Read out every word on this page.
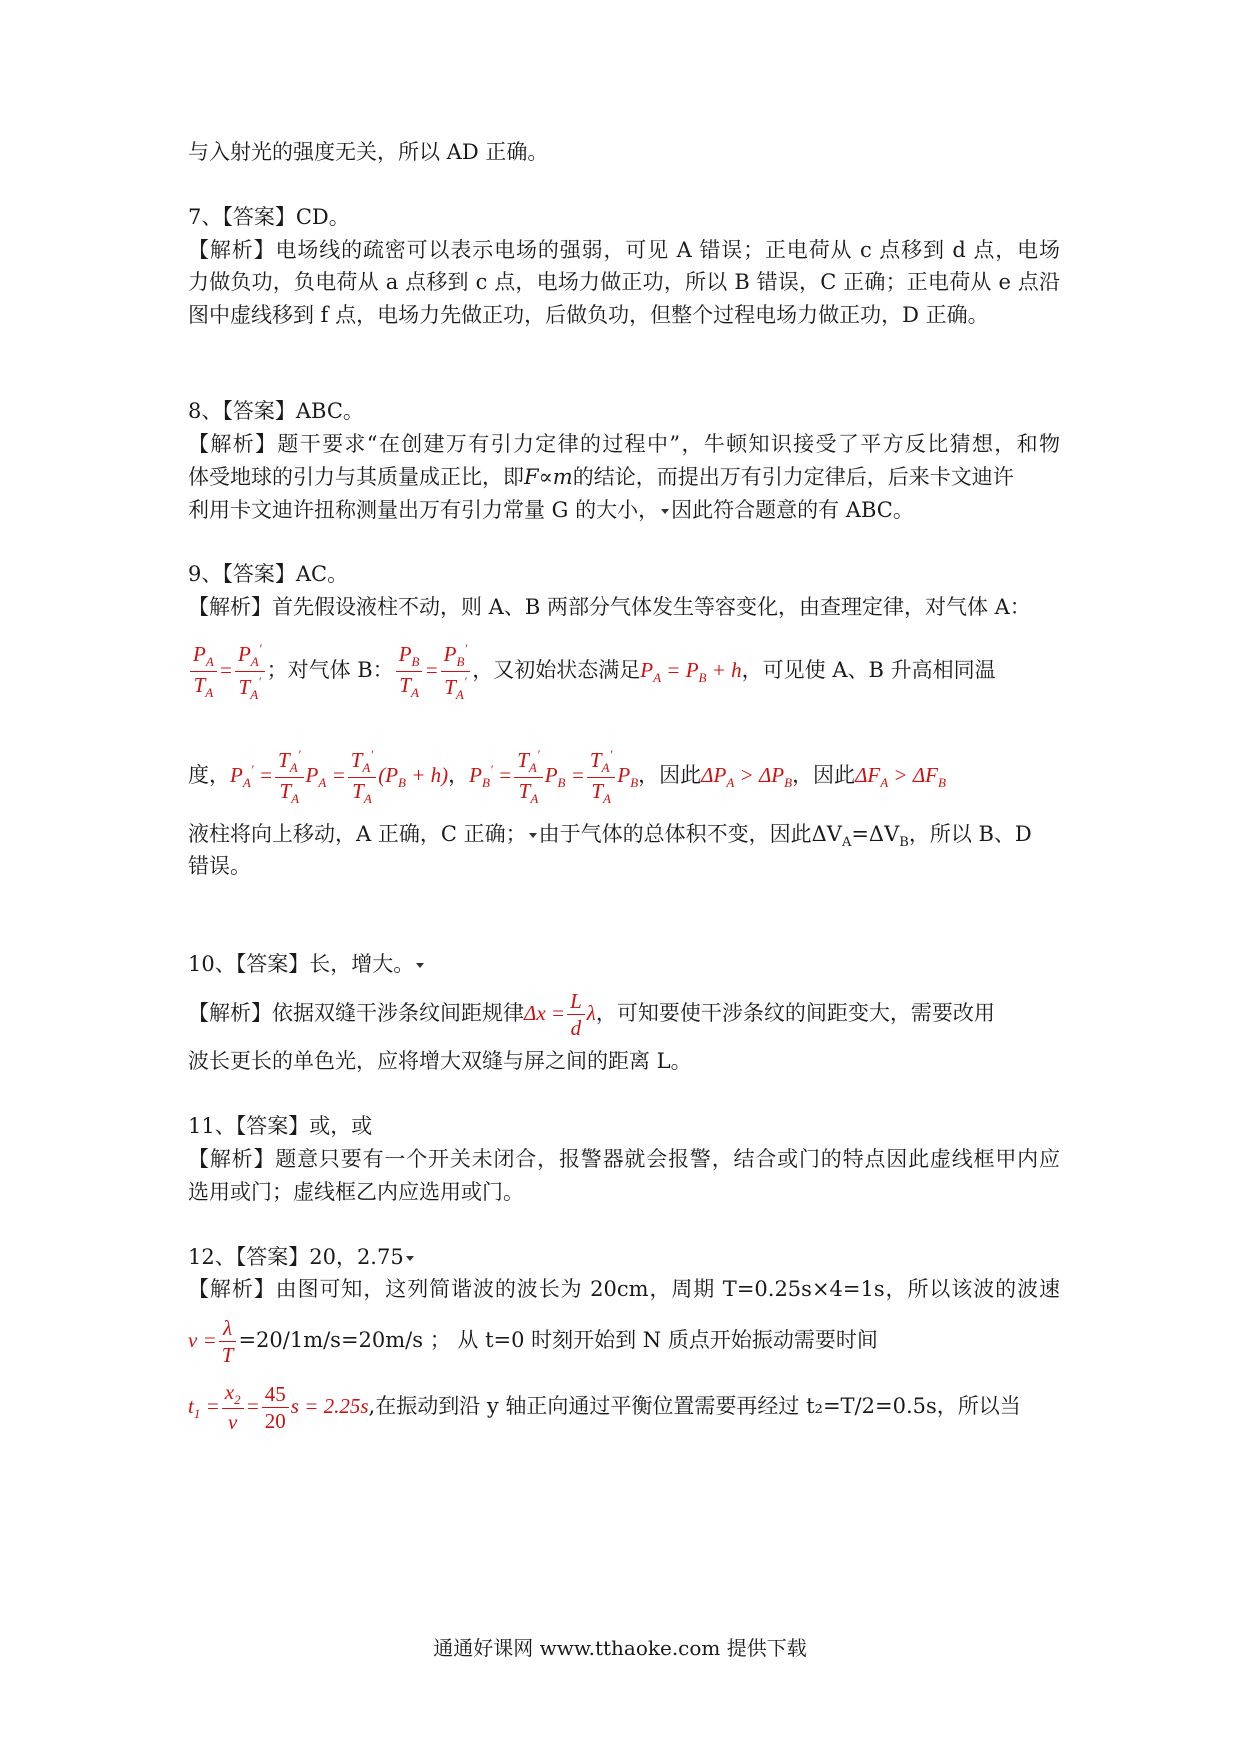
与入射光的强度无关，所以 AD 正确。
7、【答案】CD。
【解析】电场线的疏密可以表示电场的强弱，可见 A 错误；正电荷从 c 点移到 d 点，电场
力做负功，负电荷从 a 点移到 c 点，电场力做正功，所以 B 错误，C 正确；正电荷从 e 点沿
图中虚线移到 f 点，电场力先做正功，后做负功，但整个过程电场力做正功，D 正确。
8、【答案】ABC。
【解析】题干要求“在创建万有引力定律的过程中”，牛顿知识接受了平方反比猜想，和物
体受地球的引力与其质量成正比，即F∝m的结论，而提出万有引力定律后，后来卡文迪许
利用卡文迪许扭称测量出万有引力常量 G 的大小， 因此符合题意的有 ABC。
9、【答案】AC。
【解析】首先假设液柱不动，则 A、B 两部分气体发生等容变化，由查理定律，对气体 A：
$\frac{P_A}{T_A} = \frac{P_A'}{T_A'}$ ；对气体 B： $\frac{P_B}{T_A} = \frac{P_B'}{T_A'}$ ，又初始状态满足$P_A = P_B + h$，可见使 A、B 升高相同温
度，$P_A' = \frac{T_A'}{T_A} P_A = \frac{T_A'}{T_A} (P_B + h)$，$P_B' = \frac{T_A'}{T_A} P_B = \frac{T_A'}{T_A} P_B$，因此$\Delta P_A > \Delta P_B$，因此$\Delta F_A > \Delta F_B$
液柱将向上移动，A 正确，C 正确； 由于气体的总体积不变，因此$\Delta V_A=\Delta V_B$，所以 B、D
错误。
10、【答案】长，增大。
【解析】依据双缝干涉条纹间距规律$\Delta x = \frac{L}{d}$ λ，可知要使干涉条纹的间距变大，需要改用
波长更长的单色光，应将增大双缝与屏之间的距离 L。
11、【答案】或，或
【解析】题意只要有一个开关未闭合，报警器就会报警，结合或门的特点因此虚线框甲内应
选用或门；虚线框乙内应选用或门。
12、【答案】20，2.75
【解析】由图可知，这列简谐波的波长为 20cm，周期 T=0.25s×4=1s，所以该波的波速
$v = \frac{\lambda}{T} =20/1m/s=20m/s$ ； 从 t=0 时刻开始到 N 质点开始振动需要时间
$t_1 = \frac{x_2}{v} = \frac{45}{20}$ s = 2.25s,在振动到沿 y 轴正向通过平衡位置需要再经过 t₂=T/2=0.5s，所以当
通通好课网 www.tthaoke.com 提供下载
